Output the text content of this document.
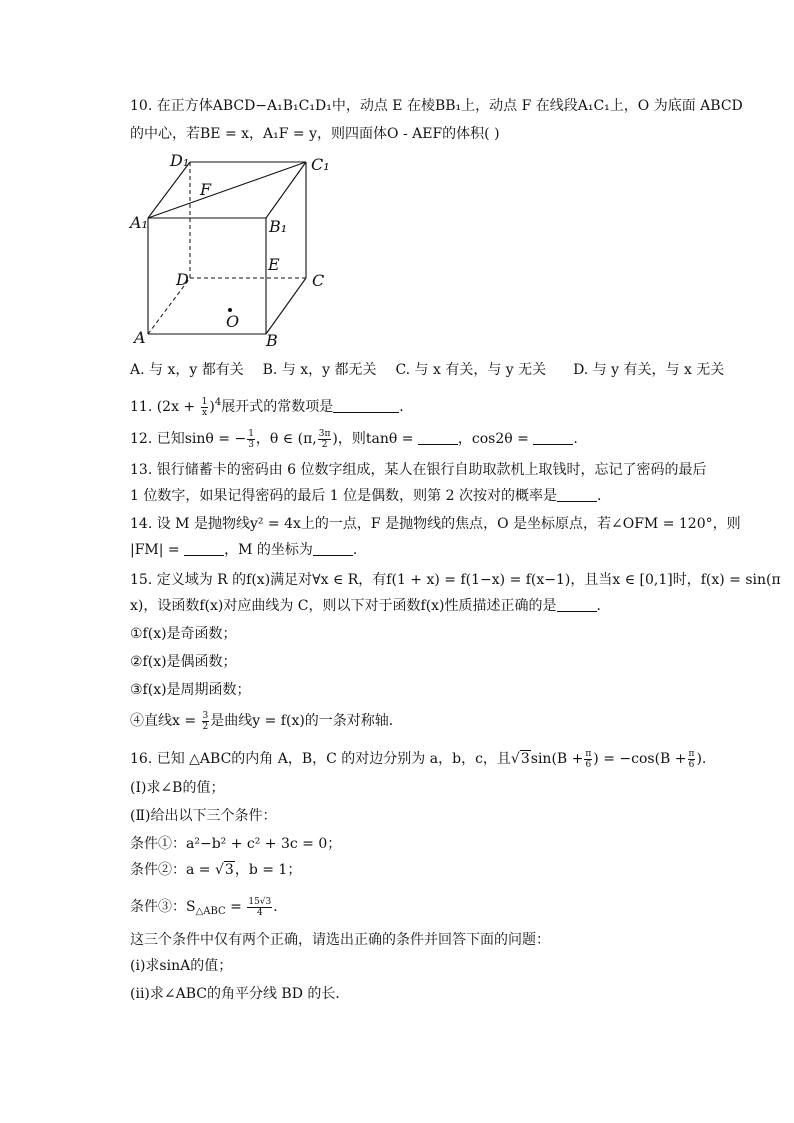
10. 在正方体ABCD−A₁B₁C₁D₁中，动点 E 在棱BB₁上，动点 F 在线段A₁C₁上，O 为底面 ABCD
的中心，若BE = x，A₁F = y，则四面体O - AEF的体积( )
D₁	C₁
F
A₁	B₁
E
D	C
O
A	B
A. 与 x，y 都有关 B. 与 x，y 都无关 C. 与 x 有关，与 y 无关 D. 与 y 有关，与 x 无关
11. $(2x + \frac{1}{x} )^4$展开式的常数项是	.
12. 已知sinθ = − $\frac{1}{3}$ ，θ ∈ (π, $\frac{3\pi}{2}$ )，则tanθ =	，cos2θ =	.
13. 银行储蓄卡的密码由 6 位数字组成，某人在银行自助取款机上取钱时，忘记了密码的最后
1 位数字，如果记得密码的最后 1 位是偶数，则第 2 次按对的概率是	.
14. 设 M 是抛物线y² = 4x上的一点，F 是抛物线的焦点，O 是坐标原点，若∠OFM = 120°，则
|FM| =	，M 的坐标为	.
15. 定义域为 R 的f(x)满足对∀x ∈ R，有f(1 + x) = f(1−x) = f(x−1)，且当x ∈ [0,1]时，f(x) = sin(π
x)，设函数f(x)对应曲线为 C，则以下对于函数f(x)性质描述正确的是	.
①f(x)是奇函数；
②f(x)是偶函数；
③f(x)是周期函数；
④直线$x = \frac{3}{2}$ 是曲线y = f(x)的一条对称轴．
16. 已知 △ABC的内角 A，B，C 的对边分别为 a，b，c，且$√3\sin(B + \frac{\pi}{6}$ ) = $-\cos(B + \frac{\pi}{6}$ ).
(Ⅰ)求∠B的值；
(Ⅱ)给出以下三个条件：
条件①：a²−b² + c² + 3c = 0；
条件②：a = √3，b = 1；
条件③：$S_{\triangle ABC} = \frac{15√3}{4}$ .
这三个条件中仅有两个正确，请选出正确的条件并回答下面的问题：
(i)求sinA的值；
(ii)求∠ABC的角平分线 BD 的长．
